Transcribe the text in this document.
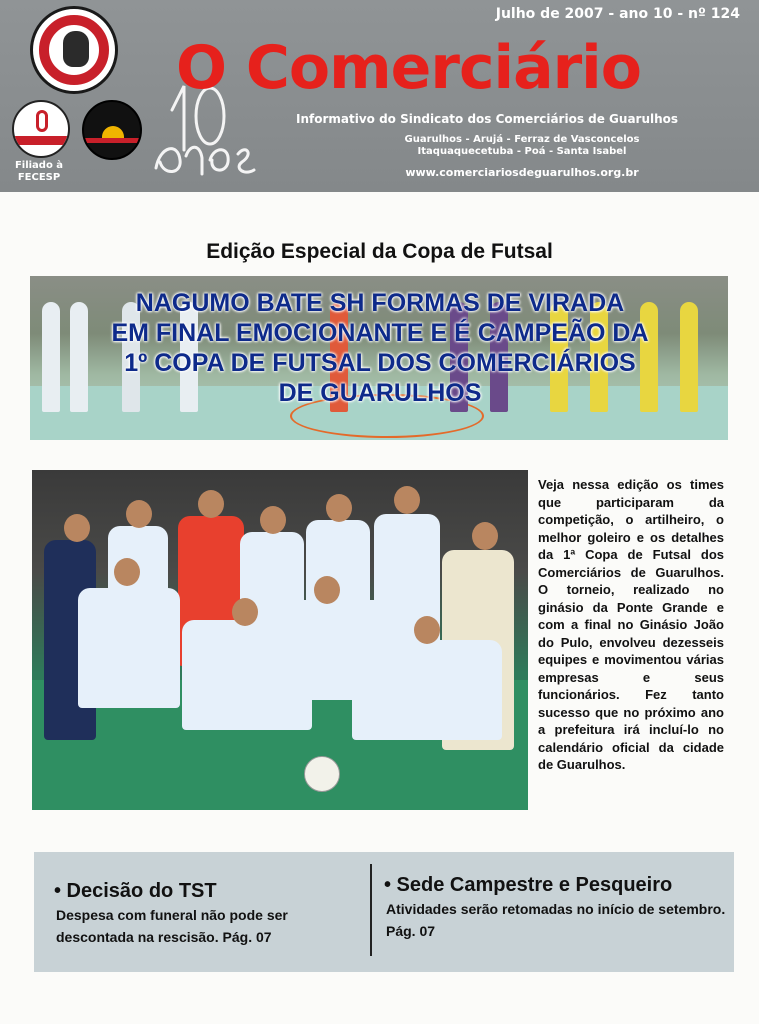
Filiado à FECESP
O Comerciário
Julho de 2007 - ano 10 - nº 124
Informativo do Sindicato dos Comerciários de Guarulhos
Guarulhos - Arujá - Ferraz de Vasconcelos
Itaquaquecetuba - Poá - Santa Isabel
www.comerciariosdeguarulhos.org.br
Edição Especial da Copa de Futsal
NAGUMO BATE SH FORMAS DE VIRADA
EM FINAL EMOCIONANTE E É CAMPEÃO DA
1º COPA DE FUTSAL DOS COMERCIÁRIOS
DE GUARULHOS
Veja nessa edição os times que participaram da competição, o artilheiro, o melhor goleiro e os detalhes da 1ª Copa de Futsal dos Comerciários de Guarulhos. O torneio, realizado no ginásio da Ponte Grande e com a final no Ginásio João do Pulo, envolveu dezesseis equipes e movimentou várias empresas e seus funcionários. Fez tanto sucesso que no próximo ano a prefeitura irá incluí-lo no calendário oficial da cidade de Guarulhos.
• Decisão do TST
Despesa com funeral não pode ser descontada na rescisão. Pág. 07
• Sede Campestre e Pesqueiro
Atividades serão retomadas no início de setembro. Pág. 07
